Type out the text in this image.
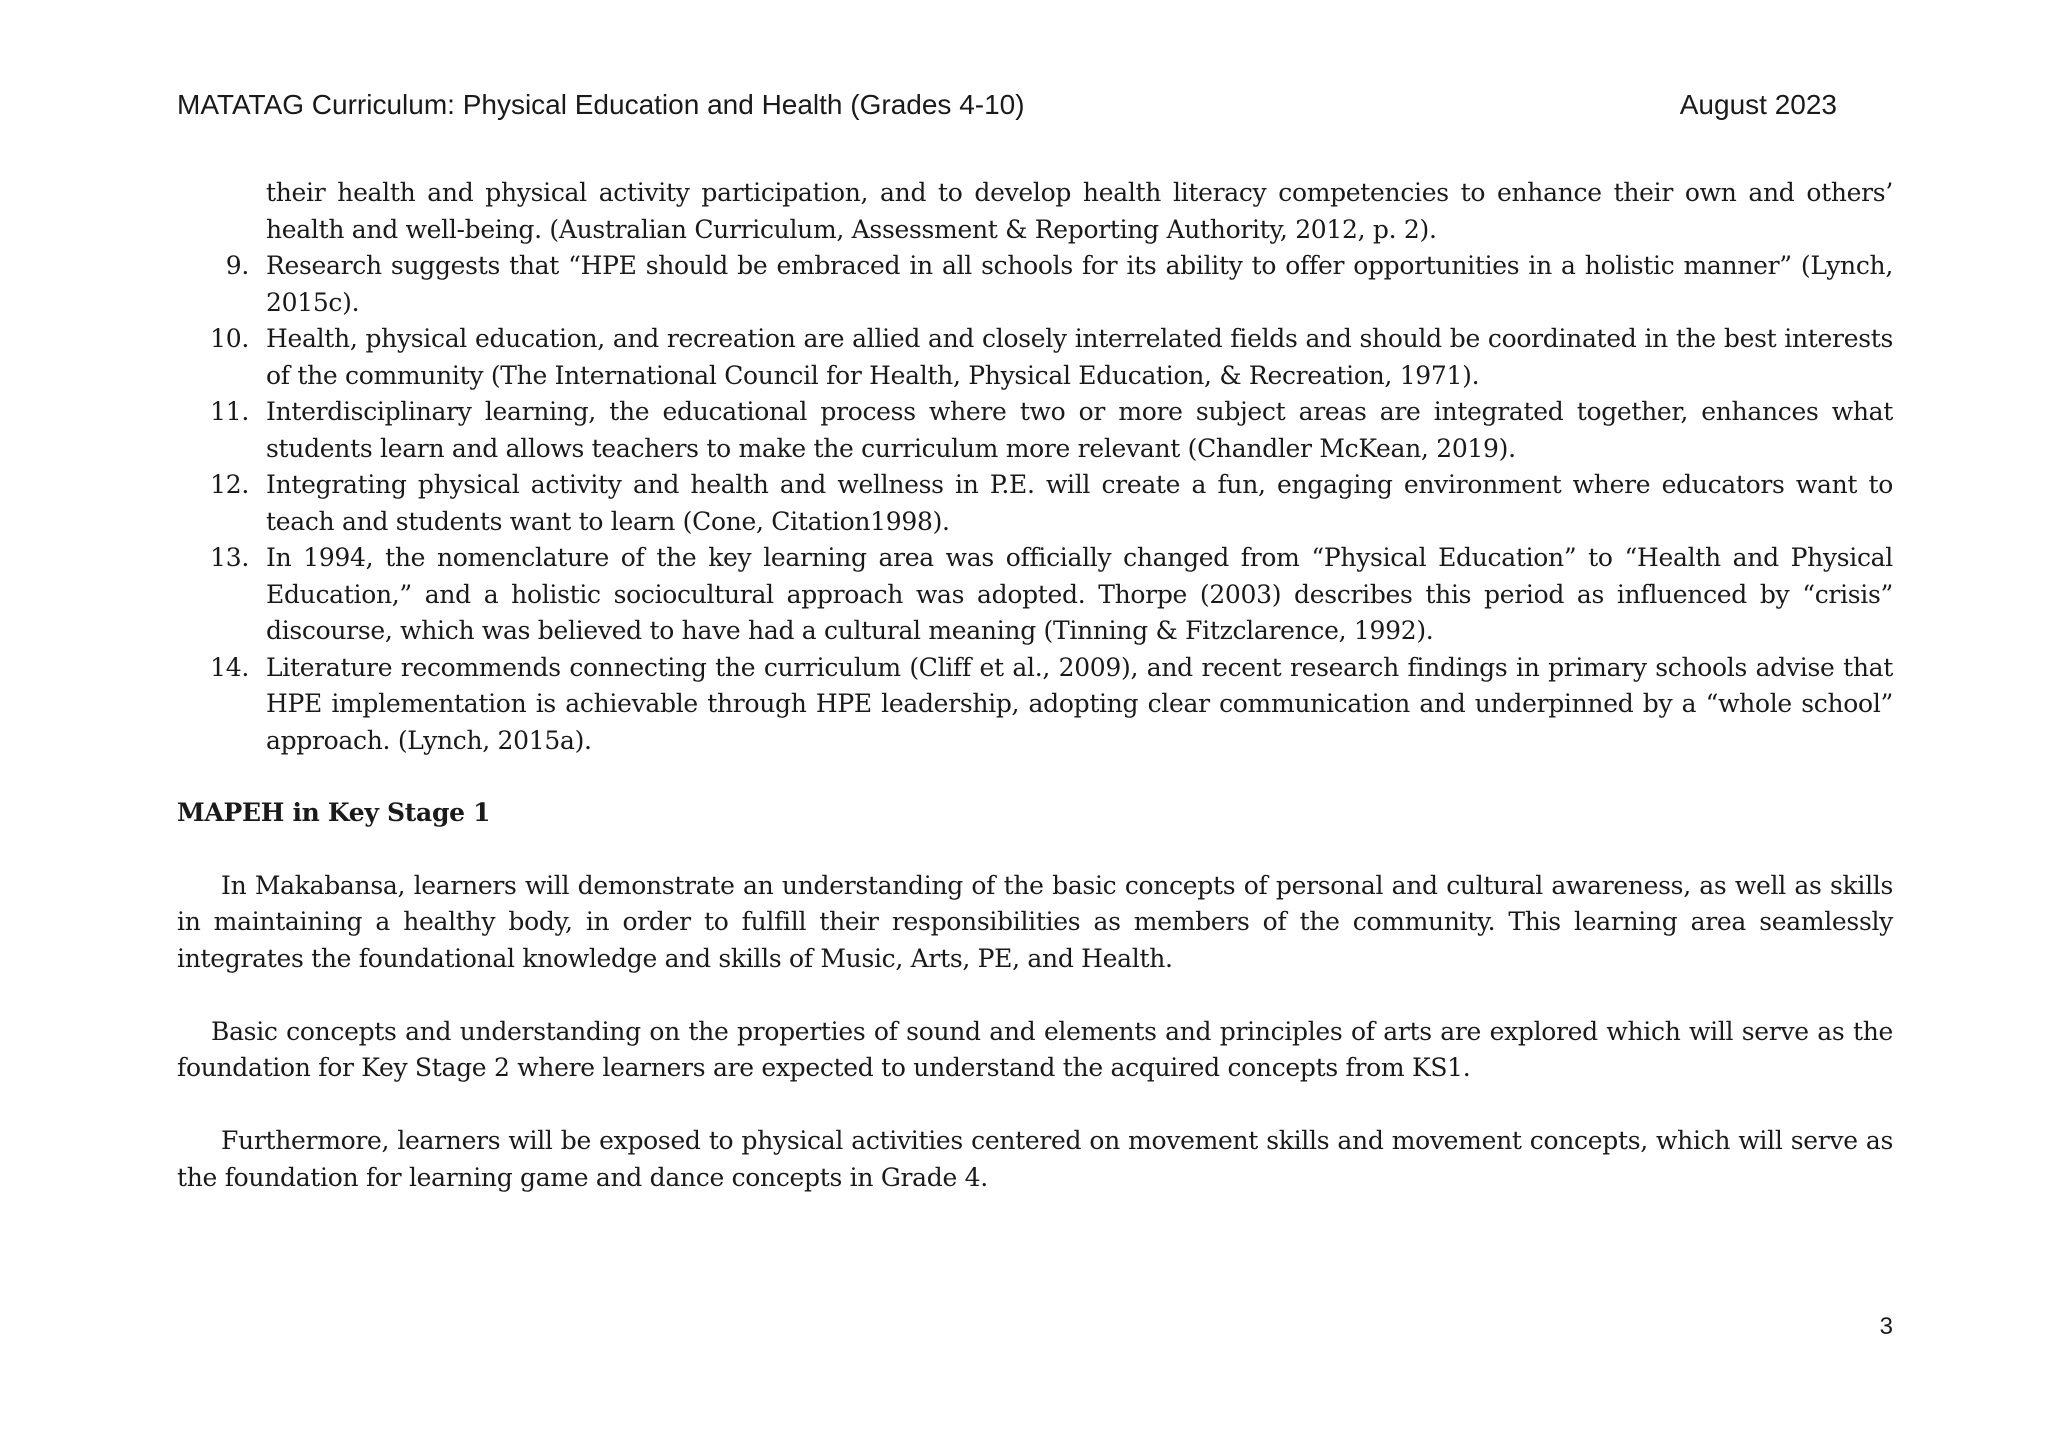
MATATAG Curriculum: Physical Education and Health (Grades 4-10)	August 2023

their health and physical activity participation, and to develop health literacy competencies to enhance their own and others’ health and well-being. (Australian Curriculum, Assessment & Reporting Authority, 2012, p. 2).

9. Research suggests that “HPE should be embraced in all schools for its ability to offer opportunities in a holistic manner” (Lynch, 2015c).
10. Health, physical education, and recreation are allied and closely interrelated fields and should be coordinated in the best interests of the community (The International Council for Health, Physical Education, & Recreation, 1971).
11. Interdisciplinary learning, the educational process where two or more subject areas are integrated together, enhances what students learn and allows teachers to make the curriculum more relevant (Chandler McKean, 2019).
12. Integrating physical activity and health and wellness in P.E. will create a fun, engaging environment where educators want to teach and students want to learn (Cone, Citation1998).
13. In 1994, the nomenclature of the key learning area was officially changed from “Physical Education” to “Health and Physical Education,” and a holistic sociocultural approach was adopted. Thorpe (2003) describes this period as influenced by “crisis” discourse, which was believed to have had a cultural meaning (Tinning & Fitzclarence, 1992).
14. Literature recommends connecting the curriculum (Cliff et al., 2009), and recent research findings in primary schools advise that HPE implementation is achievable through HPE leadership, adopting clear communication and underpinned by a “whole school” approach. (Lynch, 2015a).
MAPEH in Key Stage 1

In Makabansa, learners will demonstrate an understanding of the basic concepts of personal and cultural awareness, as well as skills in maintaining a healthy body, in order to fulfill their responsibilities as members of the community. This learning area seamlessly integrates the foundational knowledge and skills of Music, Arts, PE, and Health.

Basic concepts and understanding on the properties of sound and elements and principles of arts are explored which will serve as the foundation for Key Stage 2 where learners are expected to understand the acquired concepts from KS1.

Furthermore, learners will be exposed to physical activities centered on movement skills and movement concepts, which will serve as the foundation for learning game and dance concepts in Grade 4.

3
